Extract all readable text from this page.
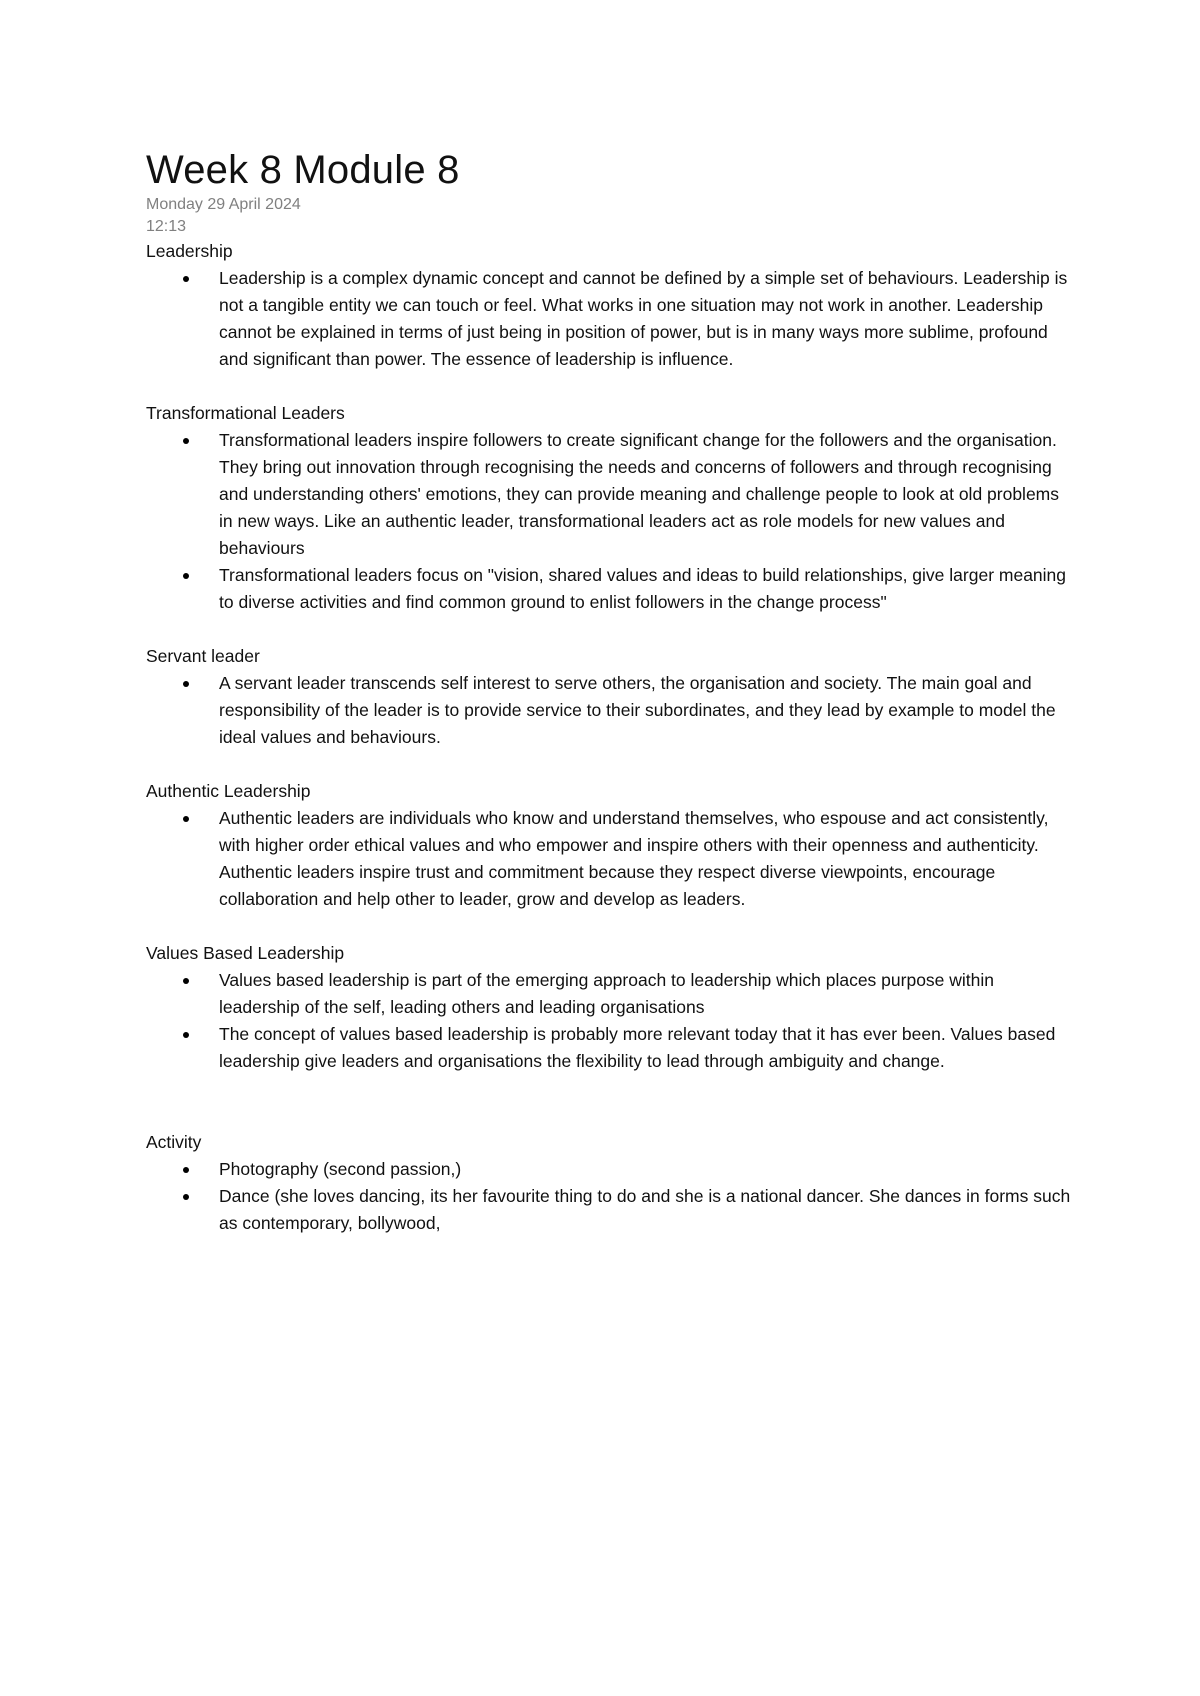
Week 8 Module 8
Monday 29 April 2024
12:13
Leadership
Leadership is a complex dynamic concept and cannot be defined by a simple set of behaviours. Leadership is not a tangible entity we can touch or feel. What works in one situation may not work in another. Leadership cannot be explained in terms of just being in position of power, but is in many ways more sublime, profound and significant than power. The essence of leadership is influence.
Transformational Leaders
Transformational leaders inspire followers to create significant change for the followers and the organisation. They bring out innovation through recognising the needs and concerns of followers and through recognising and understanding others' emotions, they can provide meaning and challenge people to look at old problems in new ways. Like an authentic leader, transformational leaders act as role models for new values and behaviours
Transformational leaders focus on "vision, shared values and ideas to build relationships, give larger meaning to diverse activities and find common ground to enlist followers in the change process"
Servant leader
A servant leader transcends self interest to serve others, the organisation and society. The main goal and responsibility of the leader is to provide service to their subordinates, and they lead by example to model the ideal values and behaviours.
Authentic Leadership
Authentic leaders are individuals who know and understand themselves, who espouse and act consistently, with higher order ethical values and who empower and inspire others with their openness and authenticity. Authentic leaders inspire trust and commitment because they respect diverse viewpoints, encourage collaboration and help other to leader, grow and develop as leaders.
Values Based Leadership
Values based leadership is part of the emerging approach to leadership which places purpose within leadership of the self, leading others and leading organisations
The concept of values based leadership is probably more relevant today that it has ever been. Values based leadership give leaders and organisations the flexibility to lead through ambiguity and change.
Activity
Photography (second passion,)
Dance (she loves dancing, its her favourite thing to do and she is a national dancer. She dances in forms such as contemporary, bollywood,
